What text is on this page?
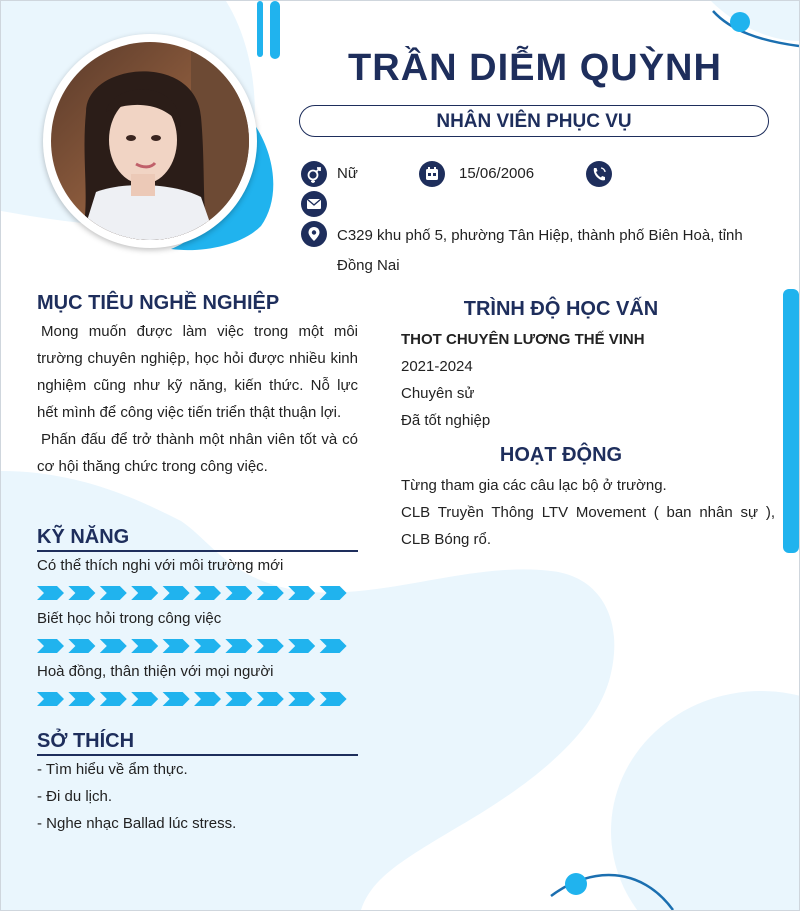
TRẦN DIỄM QUỲNH
NHÂN VIÊN PHỤC VỤ
Nữ	15/06/2006
C329 khu phố 5, phường Tân Hiệp, thành phố Biên Hoà, tỉnh Đồng Nai
MỤC TIÊU NGHỀ NGHIỆP
Mong muốn được làm việc trong một môi trường chuyên nghiệp, học hỏi được nhiều kinh nghiệm cũng như kỹ năng, kiến thức. Nỗ lực hết mình để công việc tiến triển thật thuận lợi.
Phấn đấu để trở thành một nhân viên tốt và có cơ hội thăng chức trong công việc.
KỸ NĂNG
Có thể thích nghi với môi trường mới
Biết học hỏi trong công việc
Hoà đồng, thân thiện với mọi người
SỞ THÍCH
- Tìm hiểu về ẩm thực.
- Đi du lịch.
- Nghe nhạc Ballad lúc stress.
TRÌNH ĐỘ HỌC VẤN
THOT CHUYÊN LƯƠNG THẾ VINH
2021-2024
Chuyên sử
Đã tốt nghiệp
HOẠT ĐỘNG
Từng tham gia các câu lạc bộ ở trường.
CLB Truyền Thông LTV Movement ( ban nhân sự ), CLB Bóng rổ.
